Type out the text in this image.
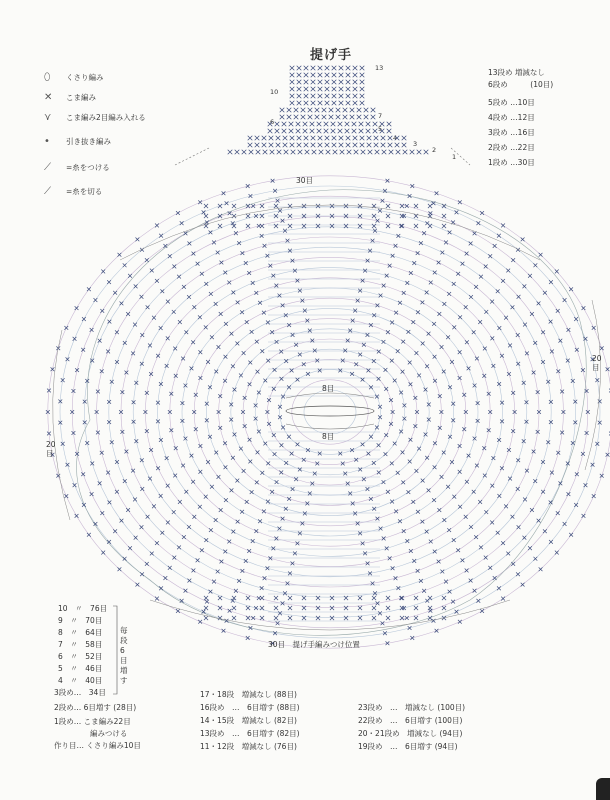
提げ手
⬯	くさり編み
✕	こま編み
⋎	こま編み2目編み入れる
•	引き抜き編み
⟋	=糸をつける
⟋	=糸を切る
13段め 増減なし
6段め　　　	(10目)
5段め …10目
4段め …12目
3段め …16目
2段め …22目
1段め …30目
13
10
7
6
5
4
3
2
1
30目
30目　提げ手編みつけ位置
20
目
20
目
8目
8目
10　〃　76目
9　〃　70目
8　〃　64目
7　〃　58目
6　〃　52目
5　〃　46目
4　〃　40目
3段め…　 34目
毎段6目増す
2段め… 6目増す (28目)
1段め… こま編み22目
編みつける
作り目… くさり編み10目
17・18段　増減なし (88目)
16段め　…　6目増す (88目)
14・15段　増減なし (82目)
13段め　…　6目増す (82目)
11・12段　増減なし (76目)
23段め　…　増減なし (100目)
22段め　…　6目増す (100目)
20・21段め　増減なし (94目)
19段め　…　6目増す (94目)
